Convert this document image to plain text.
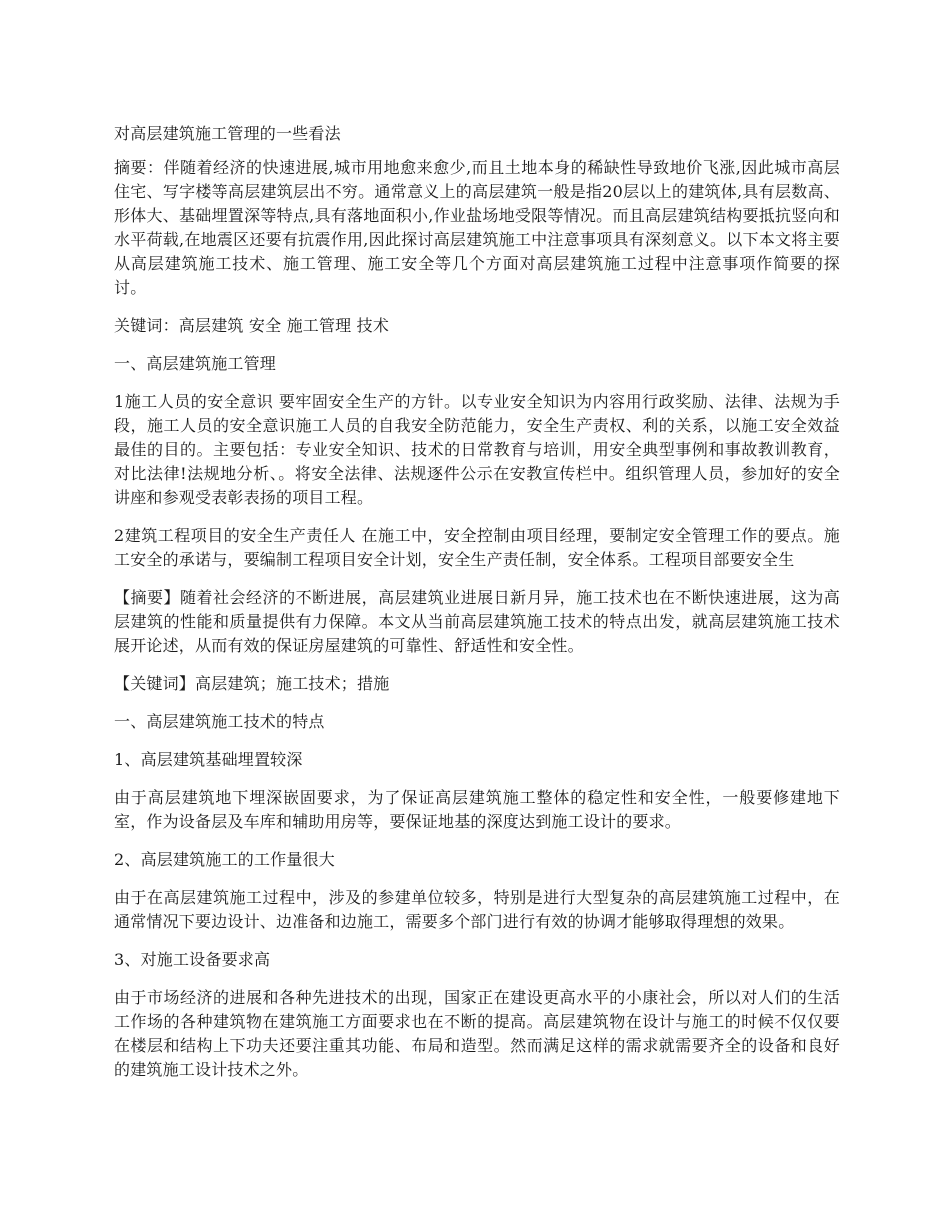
对高层建筑施工管理的一些看法

摘要：伴随着经济的快速进展,城市用地愈来愈少,而且土地本身的稀缺性导致地价飞涨,因此城市高层住宅、写字楼等高层建筑层出不穷。通常意义上的高层建筑一般是指20层以上的建筑体,具有层数高、形体大、基础埋置深等特点,具有落地面积小,作业盐场地受限等情况。而且高层建筑结构要抵抗竖向和水平荷载,在地震区还要有抗震作用,因此探讨高层建筑施工中注意事项具有深刻意义。以下本文将主要从高层建筑施工技术、施工管理、施工安全等几个方面对高层建筑施工过程中注意事项作简要的探讨。

关键词：高层建筑 安全 施工管理 技术

一、高层建筑施工管理

1施工人员的安全意识 要牢固安全生产的方针。以专业安全知识为内容用行政奖励、法律、法规为手段，施工人员的安全意识施工人员的自我安全防范能力，安全生产责权、利的关系，以施工安全效益最佳的目的。主要包括：专业安全知识、技术的日常教育与培训，用安全典型事例和事故教训教育，对比法律!法规地分析、。将安全法律、法规逐件公示在安教宣传栏中。组织管理人员，参加好的安全讲座和参观受表彰表扬的项目工程。

2建筑工程项目的安全生产责任人 在施工中，安全控制由项目经理，要制定安全管理工作的要点。施工安全的承诺与，要编制工程项目安全计划，安全生产责任制，安全体系。工程项目部要安全生

【摘要】随着社会经济的不断进展，高层建筑业进展日新月异，施工技术也在不断快速进展，这为高层建筑的性能和质量提供有力保障。本文从当前高层建筑施工技术的特点出发，就高层建筑施工技术展开论述，从而有效的保证房屋建筑的可靠性、舒适性和安全性。

【关键词】高层建筑；施工技术；措施

一、高层建筑施工技术的特点

1、高层建筑基础埋置较深

由于高层建筑地下埋深嵌固要求，为了保证高层建筑施工整体的稳定性和安全性，一般要修建地下室，作为设备层及车库和辅助用房等，要保证地基的深度达到施工设计的要求。

2、高层建筑施工的工作量很大

由于在高层建筑施工过程中，涉及的参建单位较多，特别是进行大型复杂的高层建筑施工过程中，在通常情况下要边设计、边准备和边施工，需要多个部门进行有效的协调才能够取得理想的效果。

3、对施工设备要求高

由于市场经济的进展和各种先进技术的出现，国家正在建设更高水平的小康社会，所以对人们的生活工作场的各种建筑物在建筑施工方面要求也在不断的提高。高层建筑物在设计与施工的时候不仅仅要在楼层和结构上下功夫还要注重其功能、布局和造型。然而满足这样的需求就需要齐全的设备和良好的建筑施工设计技术之外。
